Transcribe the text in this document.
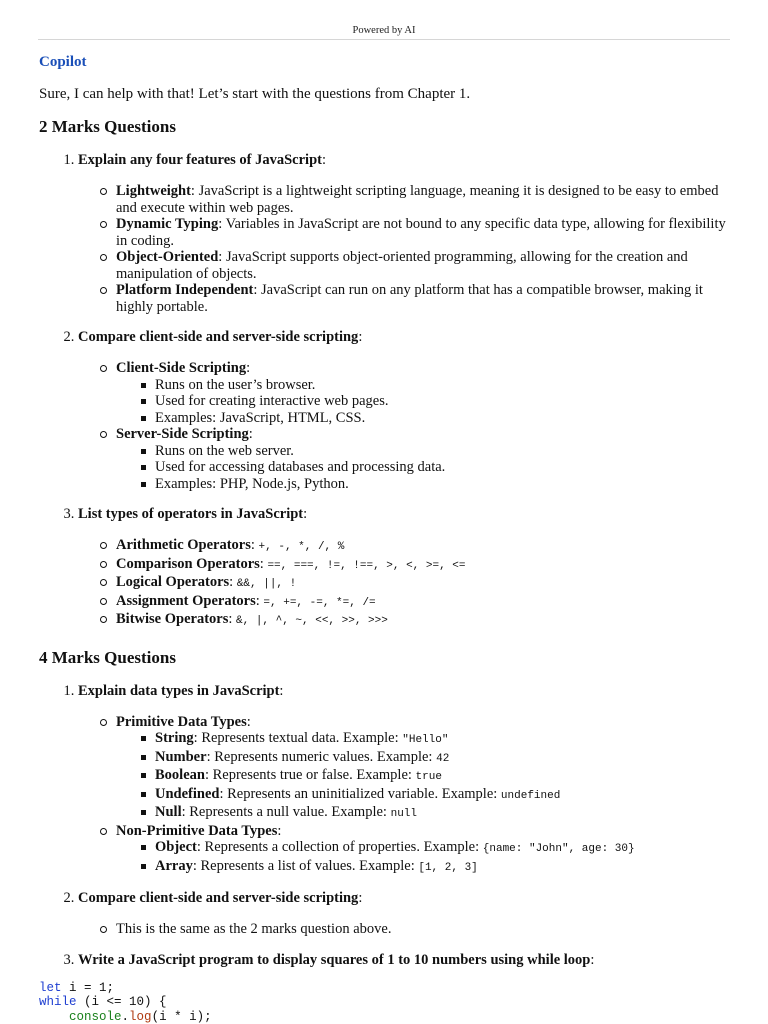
Powered by AI
Copilot

Sure, I can help with that! Let’s start with the questions from Chapter 1.

2 Marks Questions
1. Explain any four features of JavaScript:
Lightweight: JavaScript is a lightweight scripting language, meaning it is designed to be easy to embed and execute within web pages.
Dynamic Typing: Variables in JavaScript are not bound to any specific data type, allowing for flexibility in coding.
Object-Oriented: JavaScript supports object-oriented programming, allowing for the creation and manipulation of objects.
Platform Independent: JavaScript can run on any platform that has a compatible browser, making it highly portable.
2. Compare client-side and server-side scripting:
Client-Side Scripting:
Runs on the user’s browser.
Used for creating interactive web pages.
Examples: JavaScript, HTML, CSS.
Server-Side Scripting:
Runs on the web server.
Used for accessing databases and processing data.
Examples: PHP, Node.js, Python.
3. List types of operators in JavaScript:
Arithmetic Operators: +, -, *, /, %
Comparison Operators: ==, ===, !=, !==, >, <, >=, <=
Logical Operators: &&, ||, !
Assignment Operators: =, +=, -=, *=, /=
Bitwise Operators: &, |, ^, ~, <<, >>, >>>
4 Marks Questions
1. Explain data types in JavaScript:
Primitive Data Types:
String: Represents textual data. Example: "Hello"
Number: Represents numeric values. Example: 42
Boolean: Represents true or false. Example: true
Undefined: Represents an uninitialized variable. Example: undefined
Null: Represents a null value. Example: null
Non-Primitive Data Types:
Object: Represents a collection of properties. Example: {name: "John", age: 30}
Array: Represents a list of values. Example: [1, 2, 3]
2. Compare client-side and server-side scripting:
This is the same as the 2 marks question above.
3. Write a JavaScript program to display squares of 1 to 10 numbers using while loop:
let i = 1;
while (i <= 10) {
console.log(i * i);
